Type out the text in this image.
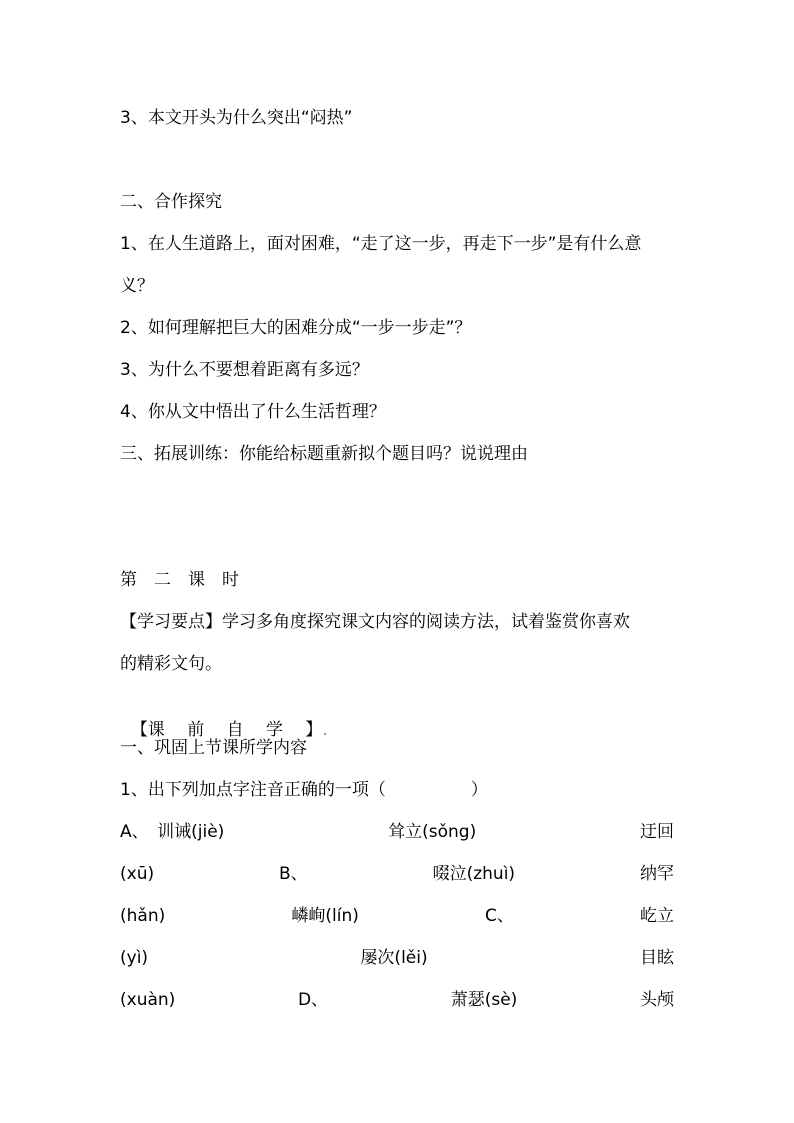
3、本文开头为什么突出“闷热”
二、合作探究
1、在人生道路上，面对困难，“走了这一步，再走下一步”是有什么意
义？
2、如何理解把巨大的困难分成“一步一步走”？
3、为什么不要想着距离有多远？
4、你从文中悟出了什么生活哲理？
三、拓展训练：你能给标题重新拟个题目吗？说说理由
第　二　课　时
【学习要点】学习多角度探究课文内容的阅读方法，试着鉴赏你喜欢
的精彩文句。

【课　 前　 自　 学　 】.

一、巩固上节课所学内容
1、出下列加点字注音正确的一项（　　　　　）
A、　训诫(jiè)	耸立(sǒng)	迂回
(xū)	B、	啜泣(zhuì)	纳罕
(hǎn)	嶙峋(lín)	C、	屹立
(yì)	屡次(lěi)	目眩
(xuàn)	D、	萧瑟(sè)	头颅
